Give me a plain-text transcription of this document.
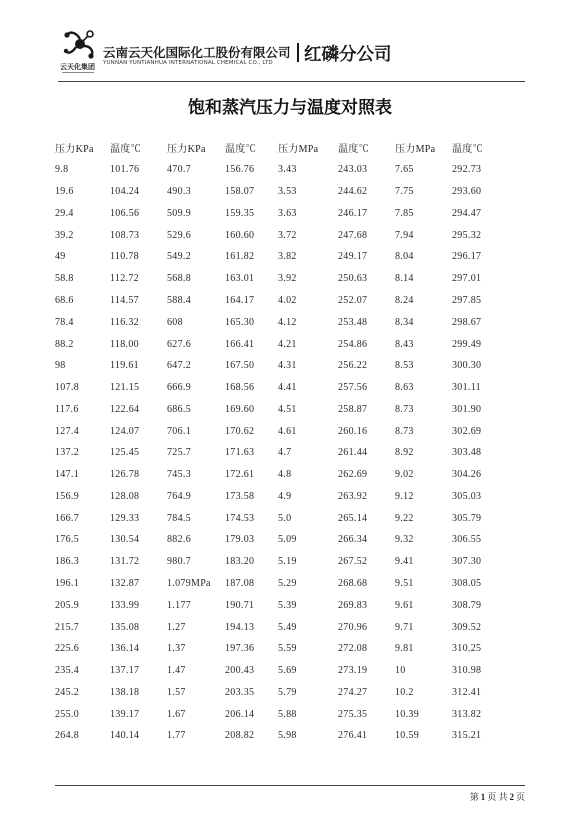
云天化集团
云南云天化国际化工股份有限公司 红磷分公司
YUNNAN YUNTIANHUA INTERNATIONAL CHEMICAL CO., LTD
饱和蒸汽压力与温度对照表
压力KPa	温度℃	压力KPa	温度℃	压力MPa	温度℃	压力MPa	温度℃
9.8	101.76	470.7	156.76	3.43	243.03	7.65	292.73
19.6	104.24	490.3	158.07	3.53	244.62	7.75	293.60
29.4	106.56	509.9	159.35	3.63	246.17	7.85	294.47
39.2	108.73	529.6	160.60	3.72	247.68	7.94	295.32
49	110.78	549.2	161.82	3.82	249.17	8.04	296.17
58.8	112.72	568.8	163.01	3.92	250.63	8.14	297.01
68.6	114.57	588.4	164.17	4.02	252.07	8.24	297.85
78.4	116.32	608	165.30	4.12	253.48	8.34	298.67
88.2	118.00	627.6	166.41	4.21	254.86	8.43	299.49
98	119.61	647.2	167.50	4.31	256.22	8.53	300.30
107.8	121.15	666.9	168.56	4.41	257.56	8.63	301.11
117.6	122.64	686.5	169.60	4.51	258.87	8.73	301.90
127.4	124.07	706.1	170.62	4.61	260.16	8.73	302.69
137.2	125.45	725.7	171.63	4.7	261.44	8.92	303.48
147.1	126.78	745.3	172.61	4.8	262.69	9.02	304.26
156.9	128.08	764.9	173.58	4.9	263.92	9.12	305.03
166.7	129.33	784.5	174.53	5.0	265.14	9.22	305.79
176.5	130.54	882.6	179.03	5.09	266.34	9.32	306.55
186.3	131.72	980.7	183.20	5.19	267.52	9.41	307.30
196.1	132.87	1.079MPa	187.08	5.29	268.68	9.51	308.05
205.9	133.99	1.177	190.71	5.39	269.83	9.61	308.79
215.7	135.08	1.27	194.13	5.49	270.96	9.71	309.52
225.6	136.14	1.37	197.36	5.59	272.08	9.81	310.25
235.4	137.17	1.47	200.43	5.69	273.19	10	310.98
245.2	138.18	1.57	203.35	5.79	274.27	10.2	312.41
255.0	139.17	1.67	206.14	5.88	275.35	10.39	313.82
264.8	140.14	1.77	208.82	5.98	276.41	10.59	315.21
第 1 页 共 2 页
